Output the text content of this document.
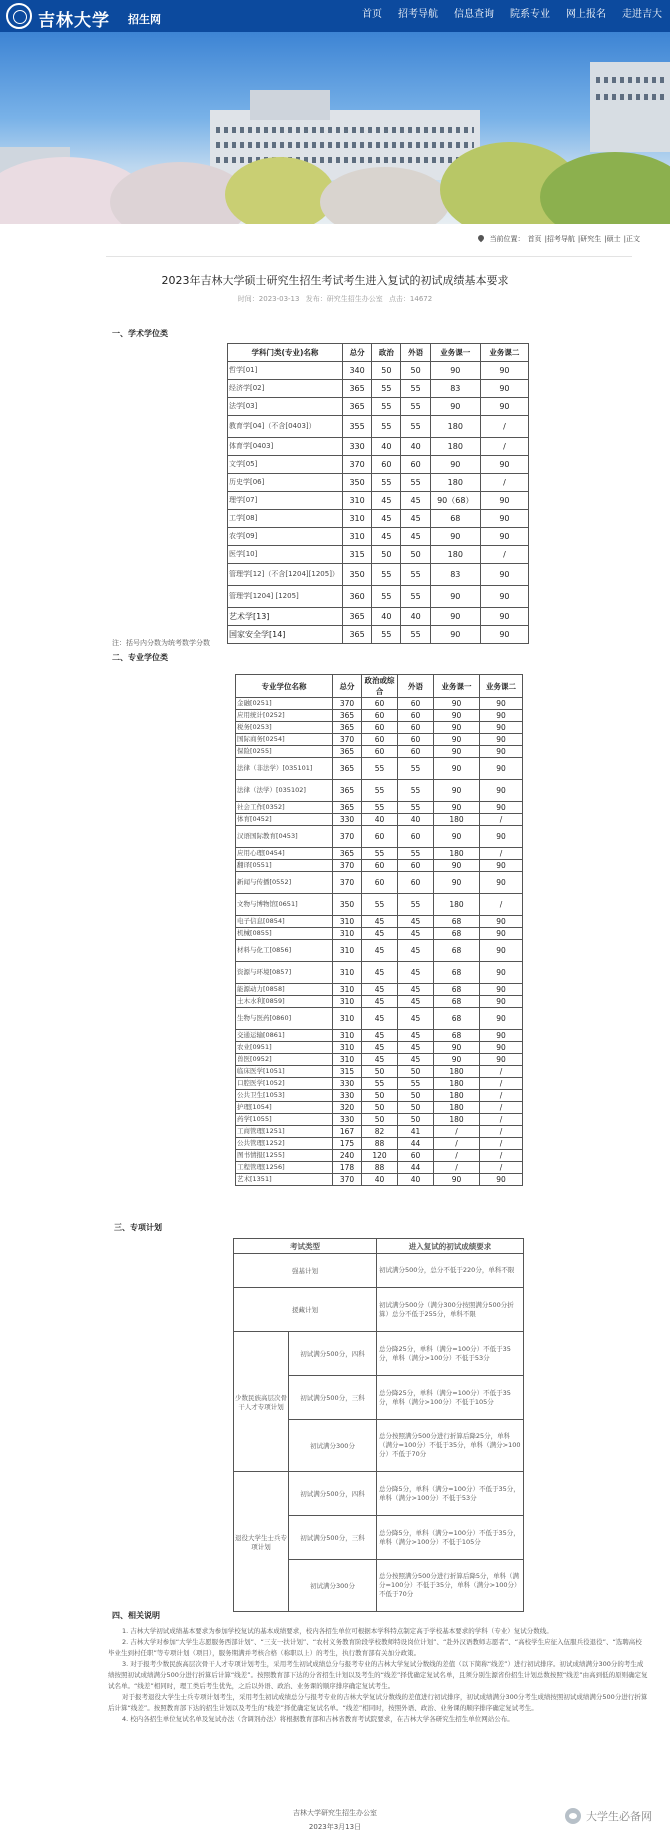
吉林大学 招生网	首页	招考导航	信息查询	院系专业	网上报名	走进吉大
当前位置： 首页 |招考导航 |研究生 |硕士 |正文
2023年吉林大学硕士研究生招生考试考生进入复试的初试成绩基本要求
时间：2023-03-13 发布：研究生招生办公室 点击：14672
一、学术学位类
学科门类(专业)名称	总分	政治	外语	业务课一	业务课二
哲学[01]	340	50	50	90	90
经济学[02]	365	55	55	83	90
法学[03]	365	55	55	90	90
教育学[04]（不含[0403]）	355	55	55	180	/
体育学[0403]	330	40	40	180	/
文学[05]	370	60	60	90	90
历史学[06]	350	55	55	180	/
理学[07]	310	45	45	90（68）	90
工学[08]	310	45	45	68	90
农学[09]	310	45	45	90	90
医学[10]	315	50	50	180	/
管理学[12]（不含[1204][1205]）	350	55	55	83	90
管理学[1204] [1205]	360	55	55	90	90
艺术学[13]	365	40	40	90	90
国家安全学[14]	365	55	55	90	90
注：括号内分数为统考数学分数
二、专业学位类
专业学位名称	总分	政治或综合	外语	业务课一	业务课二
金融[0251]	370	60	60	90	90
应用统计[0252]	365	60	60	90	90
税务[0253]	365	60	60	90	90
国际商务[0254]	370	60	60	90	90
保险[0255]	365	60	60	90	90
法律（非法学）[035101]	365	55	55	90	90
法律（法学）[035102]	365	55	55	90	90
社会工作[0352]	365	55	55	90	90
体育[0452]	330	40	40	180	/
汉语国际教育[0453]	370	60	60	90	90
应用心理[0454]	365	55	55	180	/
翻译[0551]	370	60	60	90	90
新闻与传播[0552]	370	60	60	90	90
文物与博物馆[0651]	350	55	55	180	/
电子信息[0854]	310	45	45	68	90
机械[0855]	310	45	45	68	90
材料与化工[0856]	310	45	45	68	90
资源与环境[0857]	310	45	45	68	90
能源动力[0858]	310	45	45	68	90
土木水利[0859]	310	45	45	68	90
生物与医药[0860]	310	45	45	68	90
交通运输[0861]	310	45	45	68	90
农业[0951]	310	45	45	90	90
兽医[0952]	310	45	45	90	90
临床医学[1051]	315	50	50	180	/
口腔医学[1052]	330	55	55	180	/
公共卫生[1053]	330	50	50	180	/
护理[1054]	320	50	50	180	/
药学[1055]	330	50	50	180	/
工商管理[1251]	167	82	41	/	/
公共管理[1252]	175	88	44	/	/
图书情报[1255]	240	120	60	/	/
工程管理[1256]	178	88	44	/	/
艺术[1351]	370	40	40	90	90
三、专项计划
考试类型		进入复试的初试成绩要求
强基计划		初试满分500分，总分不低于220分，单科不限
援藏计划		初试满分500分（满分300分按照满分500分折算）总分不低于255分，单科不限
少数民族高层次骨干人才专项计划	初试满分500分，四科	总分降25分，单科（满分=100分）不低于35分，单科（满分>100分）不低于53分
	初试满分500分，三科	总分降25分，单科（满分=100分）不低于35分，单科（满分>100分）不低于105分
	初试满分300分	总分按照满分500分进行折算后降25分，单科（满分=100分）不低于35分，单科（满分>100分）不低于70分
退役大学生士兵专项计划	初试满分500分，四科	总分降5分，单科（满分=100分）不低于35分，单科（满分>100分）不低于53分
	初试满分500分，三科	总分降5分，单科（满分=100分）不低于35分，单科（满分>100分）不低于105分
	初试满分300分	总分按照满分500分进行折算后降5分，单科（满分=100分）不低于35分，单科（满分>100分）不低于70分
四、相关说明

1. 吉林大学初试成绩基本要求为参加学校复试的基本成绩要求，校内各招生单位可根据本学科特点制定高于学校基本要求的学科（专业）复试分数线。

2. 吉林大学对参加“大学生志愿服务西部计划”、“三支一扶计划”、“农村义务教育阶段学校教师特设岗位计划”、“赴外汉语教师志愿者”、“高校学生应征入伍服兵役退役”、“选聘高校毕业生到村任职”等专项计划（项目），服务期满并考核合格（称职以上）的考生，执行教育部有关加分政策。

3. 对于报考少数民族高层次骨干人才专项计划考生，采用考生初试成绩总分与报考专业的吉林大学复试分数线的差值（以下简称“线差”）进行初试排序。初试成绩满分300分的考生成绩按照初试成绩满分500分进行折算后计算“线差”。按照教育部下达的分省招生计划以及考生的“线差”择优确定复试名单，且须分别生源省份招生计划总数按照“线差”由高到低的原则确定复试名单。“线差”相同时，理工类后考生优先，之后以外语、政治、业务课的顺序排序确定复试考生。

对于报考退役大学生士兵专项计划考生，采用考生初试成绩总分与报考专业的吉林大学复试分数线的差值进行初试排序，初试成绩满分300分考生成绩按照初试成绩满分500分进行折算后计算“线差”。按照教育部下达的招生计划以及考生的“线差”择优确定复试名单。“线差”相同时，按照外语、政治、业务课的顺序排序确定复试考生。

4. 校内各招生单位复试名单及复试办法（含调剂办法）将根据教育部和吉林省教育考试院要求，在吉林大学各研究生招生单位网站公布。

吉林大学研究生招生办公室
2023年3月13日
大学生必备网
